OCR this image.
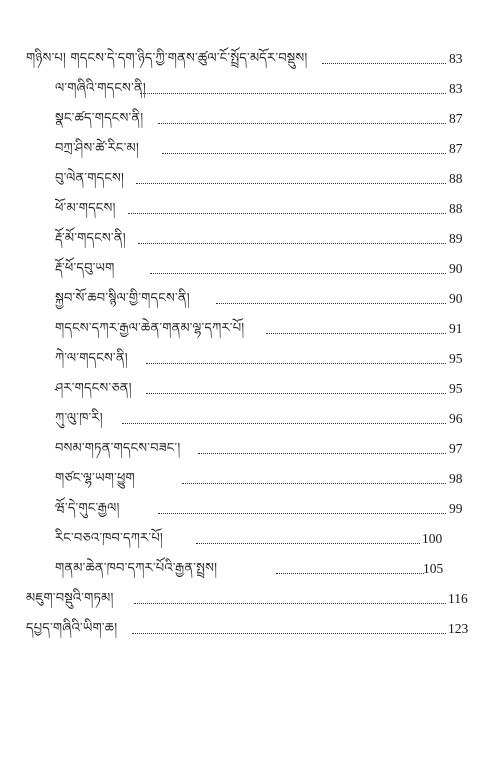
གཉིས་པ། གདངས་དེ་དག་ཉིད་ཀྱི་གནས་ཚུལ་ངོ་སྤྲོད་མདོར་བསྡུས།	83
ལ་གཞིའི་གདངས་ནི།	83
སྣང་ཚད་གདངས་ནི།	87
བཀྲ་ཤིས་ཚེ་རིང་མ།	87
བུ་ལེན་གདངས།	88
ཕོ་མ་གདངས།	88
རྡོ་མོ་གདངས་ནི།	89
རྡོ་ཕོ་དབུ་ཡག	90
སྐྱབ་སོ་ཆབ་སྙིལ་གྱི་གདངས་ནི།	90
གདངས་དཀར་རྒྱལ་ཆེན་གནམ་ལྷ་དཀར་པོ།	91
ཀེ་ལ་གདངས་ནི།	95
ཤར་གདངས་ཅན།	95
ཀུ་ལུ་ཁ་རི།	96
བསམ་གཏན་གདངས་བཟང་།	97
གཙང་ལྷ་ཡག་ཕྱུག	98
ཝོ་དེ་གུང་རྒྱལ།	99
རིང་བཅའ་ཁབ་དཀར་པོ།	100
གནམ་ཆེན་ཁབ་དཀར་པོའི་རྒྱན་སྤྲས།	105
མཇུག་བསྡུའི་གཏམ།	116
དཔྱད་གཞིའི་ཡིག་ཆ།	123
